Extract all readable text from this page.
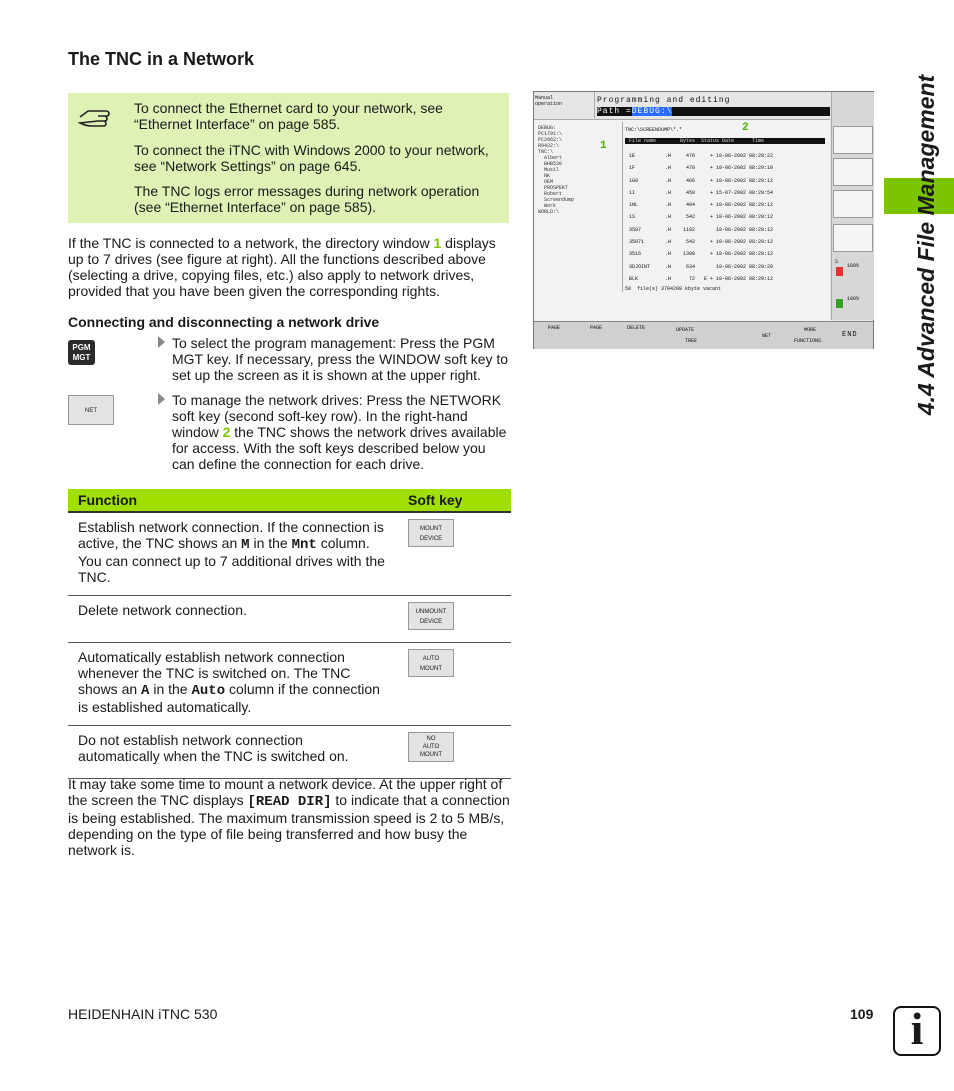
The TNC in a Network

To connect the Ethernet card to your network, see “Ethernet Interface” on page 585.

To connect the iTNC with Windows 2000 to your network, see “Network Settings” on page 645.

The TNC logs error messages during network operation (see “Ethernet Interface” on page 585).

If the TNC is connected to a network, the directory window 1 displays up to 7 drives (see figure at right). All the functions described above (selecting a drive, copying files, etc.) also apply to network drives, provided that you have been given the corresponding rights.
Connecting and disconnecting a network drive
PGM
MGT
To select the program management: Press the PGM MGT key. If necessary, press the WINDOW soft key to set up the screen as it is shown at the upper right.
NET
To manage the network drives: Press the NETWORK soft key (second soft-key row). In the right-hand window 2 the TNC shows the network drives available for access. With the soft keys described below you can define the connection for each drive.
Function	Soft key
Establish network connection. If the connection is active, the TNC shows an M in the Mnt column. You can connect up to 7 additional drives with the TNC.	MOUNT
DEVICE

Delete network connection.	UNMOUNT
DEVICE

Automatically establish network connection whenever the TNC is switched on. The TNC shows an A in the Auto column if the connection is established automatically.	AUTO
MOUNT

Do not establish network connection automatically when the TNC is switched on.	NO
AUTO
MOUNT
It may take some time to mount a network device. At the upper right of the screen the TNC displays [READ DIR] to indicate that a connection is being established. The maximum transmission speed is 2 to 5 MB/s, depending on the type of file being transferred and how busy the network is.
Manual
operation	Programming and editing
Path =DEBUG:\
DEBUG:
PC1791:\
PC2062:\
R9422:\
TNC:\
Albert
BHB530
Musil
NK
OEM
PROSPEKT
Robert
Screendump
Work
WORLD:\
1
2
TNC:\SCREENDUMP\*.*
File name        Bytes  Status Date      Time
1E          .H     470     + 10-06-2002 08:29:22
1F          .H     470     + 10-06-2002 08:29:10
1G0         .H     466     + 10-06-2002 08:29:12
1I          .H     450     + 15-07-2002 08:29:54
1NL         .H     404     + 10-06-2002 08:29:12
1S          .H     542     + 10-06-2002 08:29:12
3507        .H    1102       10-06-2002 08:29:12
35071       .H     542     + 10-06-2002 08:29:12
3516        .H    1308     + 10-06-2002 08:29:12
3DJOINT     .H     634       10-06-2002 08:29:20
BLK         .H      72   E + 10-06-2002 08:29:12
50  file(s) 3704208 kbyte vacant
S
100%
100%
PAGE	PAGE	DELETE	UPDATE
TREE
NET
MORE
FUNCTIONS
END 4.4 Advanced File Management
HEIDENHAIN iTNC 530	109 i
